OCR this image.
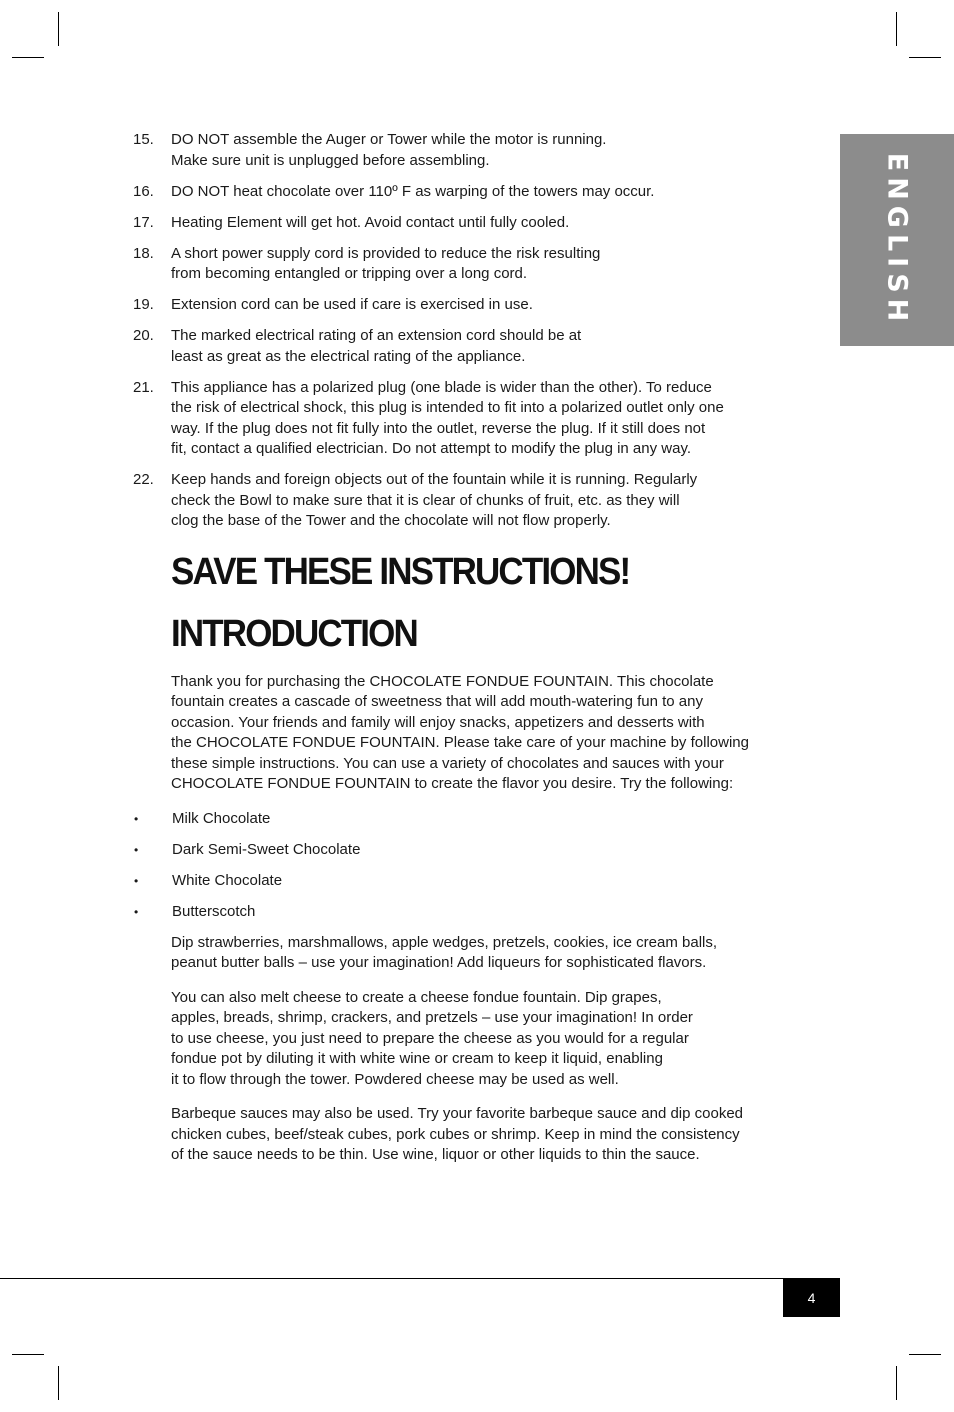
ENGLISH
15.	DO NOT assemble the Auger or Tower while the motor is running.
Make sure unit is unplugged before assembling.
16.	DO NOT heat chocolate over 110º F as warping of the towers may occur.
17.	Heating Element will get hot. Avoid contact until fully cooled.
18.	A short power supply cord is provided to reduce the risk resulting
from becoming entangled or tripping over a long cord.
19.	Extension cord can be used if care is exercised in use.
20.	The marked electrical rating of an extension cord should be at
least as great as the electrical rating of the appliance.
21.	This appliance has a polarized plug (one blade is wider than the other). To reduce
the risk of electrical shock, this plug is intended to fit into a polarized outlet only one
way. If the plug does not fit fully into the outlet, reverse the plug. If it still does not
fit, contact a qualified electrician. Do not attempt to modify the plug in any way.
22.	Keep hands and foreign objects out of the fountain while it is running. Regularly
check the Bowl to make sure that it is clear of chunks of fruit, etc. as they will
clog the base of the Tower and the chocolate will not flow properly.
SAVE THESE INSTRUCTIONS!
INTRODUCTION

Thank you for purchasing the CHOCOLATE FONDUE FOUNTAIN. This chocolate
fountain creates a cascade of sweetness that will add mouth-watering fun to any
occasion. Your friends and family will enjoy snacks, appetizers and desserts with
the CHOCOLATE FONDUE FOUNTAIN. Please take care of your machine by following
these simple instructions. You can use a variety of chocolates and sauces with your
CHOCOLATE FONDUE FOUNTAIN to create the flavor you desire. Try the following:

•	Milk Chocolate
•	Dark Semi-Sweet Chocolate
•	White Chocolate
•	Butterscotch

Dip strawberries, marshmallows, apple wedges, pretzels, cookies, ice cream balls,
peanut butter balls – use your imagination! Add liqueurs for sophisticated flavors.

You can also melt cheese to create a cheese fondue fountain. Dip grapes,
apples, breads, shrimp, crackers, and pretzels – use your imagination! In order
to use cheese, you just need to prepare the cheese as you would for a regular
fondue pot by diluting it with white wine or cream to keep it liquid, enabling
it to flow through the tower. Powdered cheese may be used as well.

Barbeque sauces may also be used. Try your favorite barbeque sauce and dip cooked
chicken cubes, beef/steak cubes, pork cubes or shrimp. Keep in mind the consistency
of the sauce needs to be thin. Use wine, liquor or other liquids to thin the sauce.

4
